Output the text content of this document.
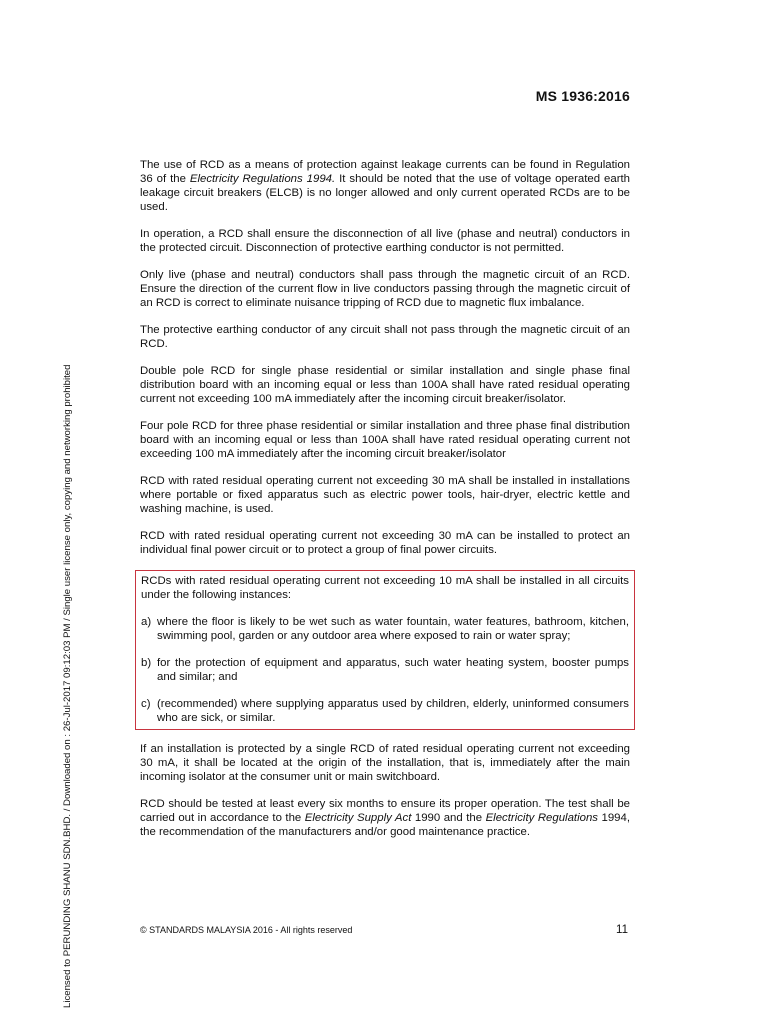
MS 1936:2016

The use of RCD as a means of protection against leakage currents can be found in Regulation 36 of the Electricity Regulations 1994. It should be noted that the use of voltage operated earth leakage circuit breakers (ELCB) is no longer allowed and only current operated RCDs are to be used.

In operation, a RCD shall ensure the disconnection of all live (phase and neutral) conductors in the protected circuit. Disconnection of protective earthing conductor is not permitted.

Only live (phase and neutral) conductors shall pass through the magnetic circuit of an RCD. Ensure the direction of the current flow in live conductors passing through the magnetic circuit of an RCD is correct to eliminate nuisance tripping of RCD due to magnetic flux imbalance.

The protective earthing conductor of any circuit shall not pass through the magnetic circuit of an RCD.

Double pole RCD for single phase residential or similar installation and single phase final distribution board with an incoming equal or less than 100A shall have rated residual operating current not exceeding 100 mA immediately after the incoming circuit breaker/isolator.

Four pole RCD for three phase residential or similar installation and three phase final distribution board with an incoming equal or less than 100A shall have rated residual operating current not exceeding 100 mA immediately after the incoming circuit breaker/isolator

RCD with rated residual operating current not exceeding 30 mA shall be installed in installations where portable or fixed apparatus such as electric power tools, hair-dryer, electric kettle and washing machine, is used.

RCD with rated residual operating current not exceeding 30 mA can be installed to protect an individual final power circuit or to protect a group of final power circuits.

RCDs with rated residual operating current not exceeding 10 mA shall be installed in all circuits under the following instances:

a) where the floor is likely to be wet such as water fountain, water features, bathroom, kitchen, swimming pool, garden or any outdoor area where exposed to rain or water spray;
b) for the protection of equipment and apparatus, such water heating system, booster pumps and similar; and
c) (recommended) where supplying apparatus used by children, elderly, uninformed consumers who are sick, or similar.

If an installation is protected by a single RCD of rated residual operating current not exceeding 30 mA, it shall be located at the origin of the installation, that is, immediately after the main incoming isolator at the consumer unit or main switchboard.

RCD should be tested at least every six months to ensure its proper operation. The test shall be carried out in accordance to the Electricity Supply Act 1990 and the Electricity Regulations 1994, the recommendation of the manufacturers and/or good maintenance practice.

© STANDARDS MALAYSIA 2016 - All rights reserved	11
Licensed to PERUNDING SHANU SDN.BHD. / Downloaded on : 26-Jul-2017 09:12:03 PM / Single user license only, copying and networking prohibited
